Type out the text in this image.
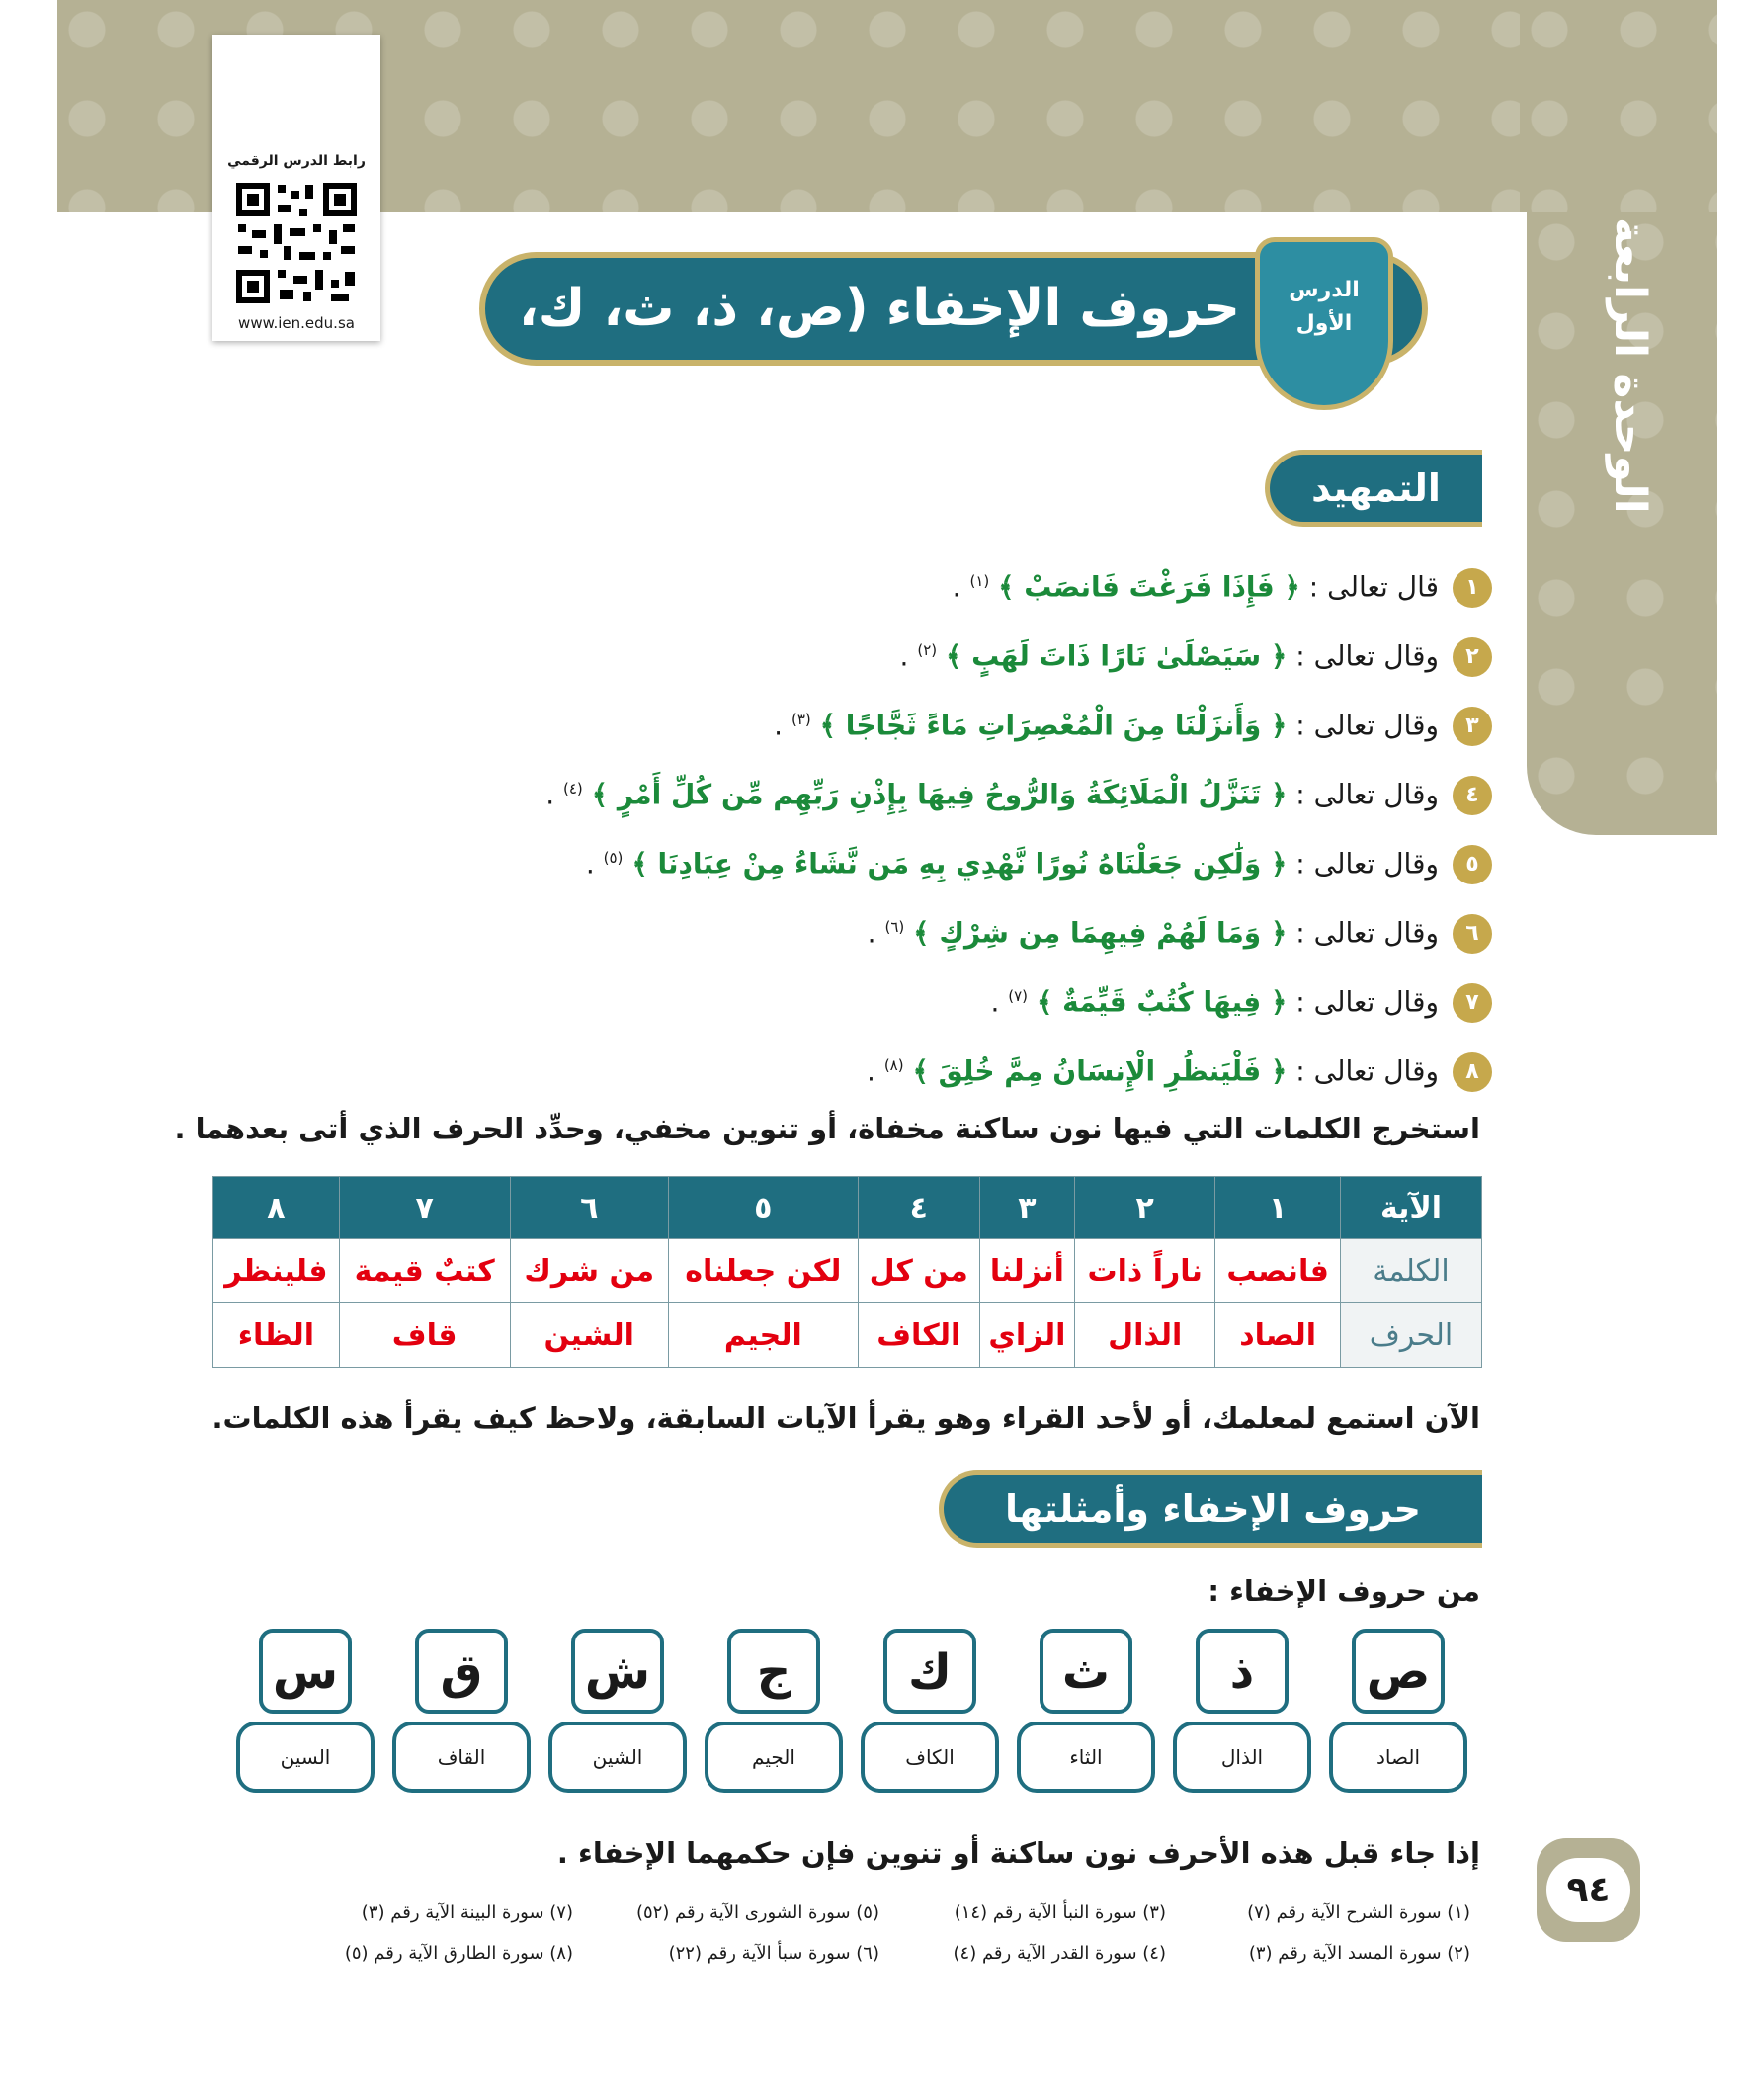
الوحدة الرابعة
رابط الدرس الرقمي
www.ien.edu.sa	حروف الإخفاء (ص، ذ، ث، ك، ج، ش، ق ، س)
الدرس الأول
التمهيد
١قال تعالى : ﴿ فَإِذَا فَرَغْتَ فَانصَبْ ﴾ $^{(١)}$ .
٢وقال تعالى : ﴿ سَيَصْلَىٰ نَارًا ذَاتَ لَهَبٍ ﴾ $^{(٢)}$ .
٣وقال تعالى : ﴿ وَأَنزَلْنَا مِنَ الْمُعْصِرَاتِ مَاءً ثَجَّاجًا ﴾ $^{(٣)}$ .
٤وقال تعالى : ﴿ تَنَزَّلُ الْمَلَائِكَةُ وَالرُّوحُ فِيهَا بِإِذْنِ رَبِّهِم مِّن كُلِّ أَمْرٍ ﴾ $^{(٤)}$ .
٥وقال تعالى : ﴿ وَلَٰكِن جَعَلْنَاهُ نُورًا نَّهْدِي بِهِ مَن نَّشَاءُ مِنْ عِبَادِنَا ﴾ $^{(٥)}$ .
٦وقال تعالى : ﴿ وَمَا لَهُمْ فِيهِمَا مِن شِرْكٍ ﴾ $^{(٦)}$ .
٧وقال تعالى : ﴿ فِيهَا كُتُبٌ قَيِّمَةٌ ﴾ $^{(٧)}$ .
٨وقال تعالى : ﴿ فَلْيَنظُرِ الْإِنسَانُ مِمَّ خُلِقَ ﴾ $^{(٨)}$ .
استخرج الكلمات التي فيها نون ساكنة مخفاة، أو تنوين مخفي، وحدِّد الحرف الذي أتى بعدهما .
الآية	١	٢	٣	٤	٥	٦	٧	٨
الكلمة	فانصب	ناراً ذات	أنزلنا	من كل	لكن جعلناه	من شرك	كتبٌ قيمة	فلينظر
الحرف	الصاد	الذال	الزاي	الكاف	الجيم	الشين	قاف	الظاء
الآن استمع لمعلمك، أو لأحد القراء وهو يقرأ الآيات السابقة، ولاحظ كيف يقرأ هذه الكلمات.
حروف الإخفاء وأمثلتها
من حروف الإخفاء :
ص
الصاد
ذ
الذال
ث
الثاء
ك
الكاف
ج
الجيم
ش
الشين
ق
القاف
س
السين
إذا جاء قبل هذه الأحرف نون ساكنة أو تنوين فإن حكمهما الإخفاء .
٩٤
(١) سورة الشرح الآية رقم (٧)
(٣) سورة النبأ الآية رقم (١٤)
(٥) سورة الشورى الآية رقم (٥٢)
(٧) سورة البينة الآية رقم (٣)
(٢) سورة المسد الآية رقم (٣)
(٤) سورة القدر الآية رقم (٤)
(٦) سورة سبأ الآية رقم (٢٢)
(٨) سورة الطارق الآية رقم (٥)
